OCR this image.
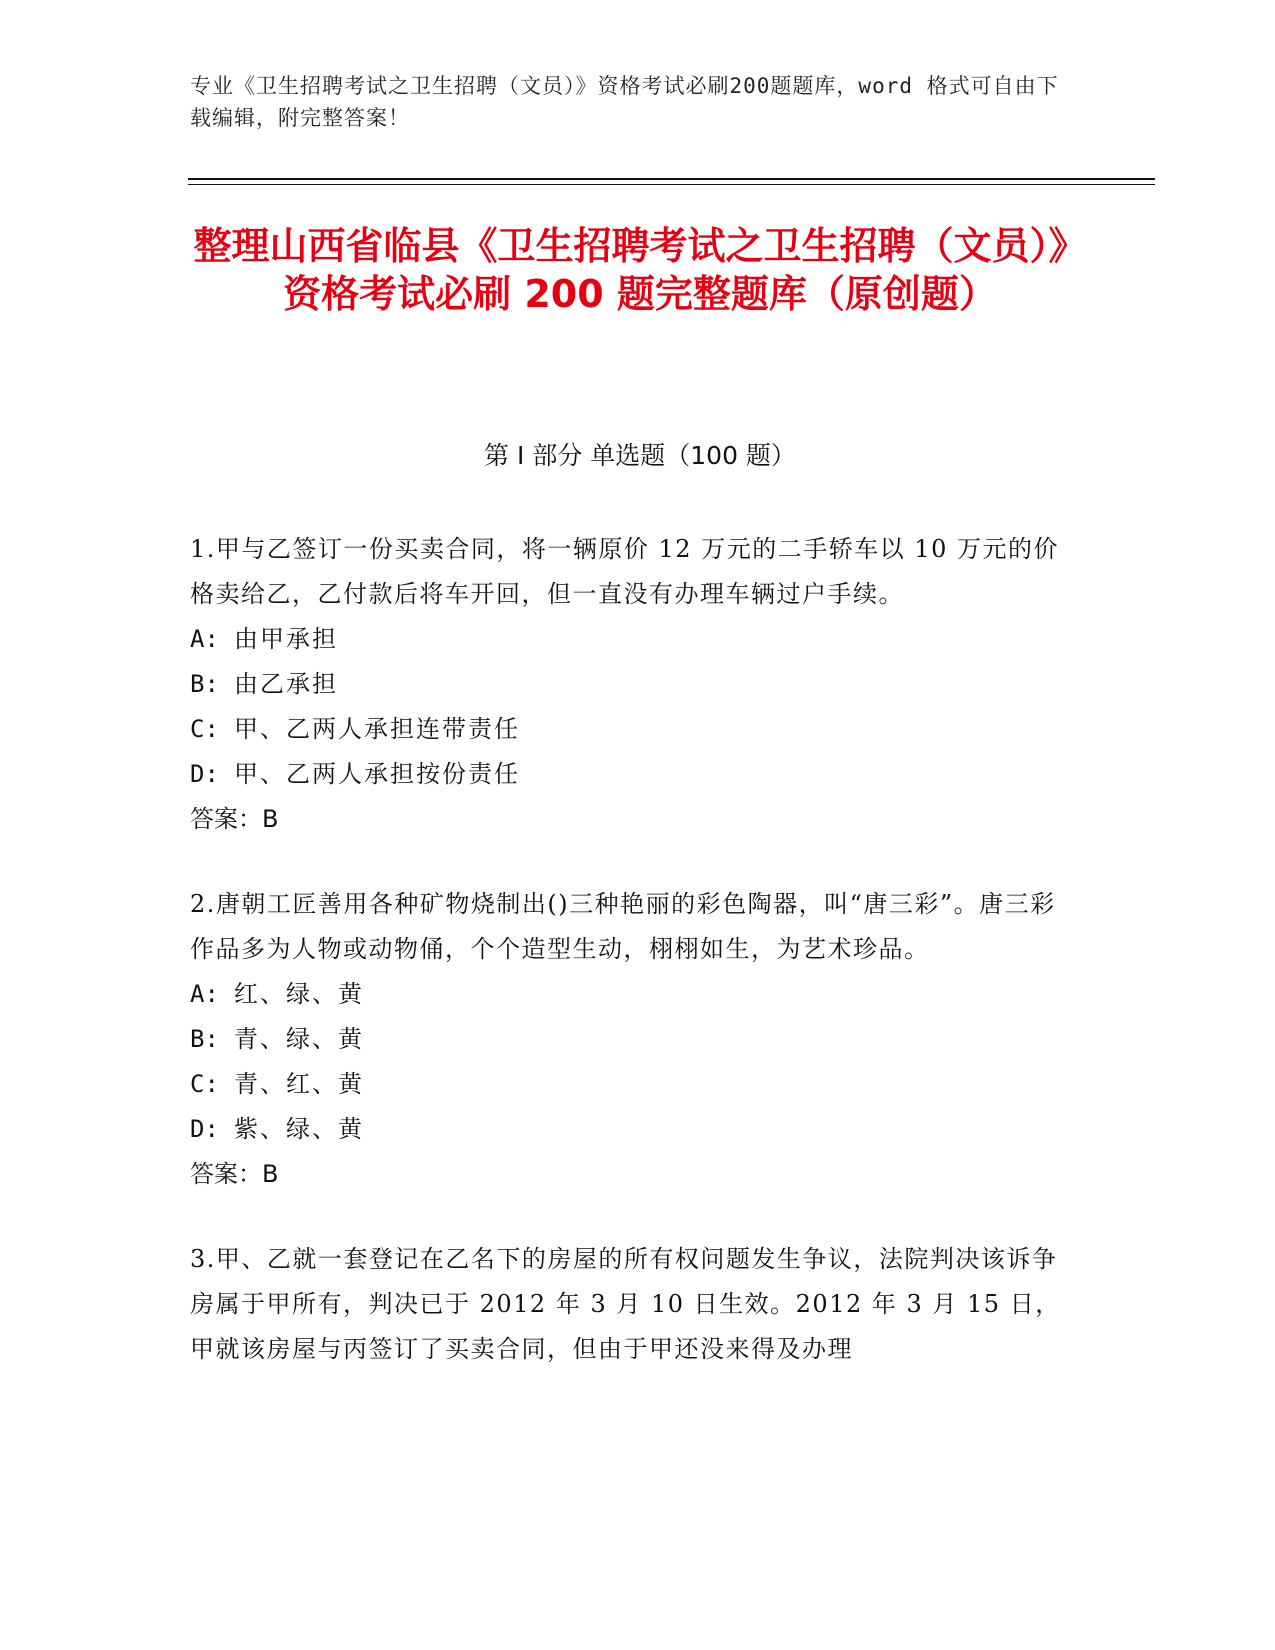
专业《卫生招聘考试之卫生招聘（文员）》资格考试必刷200题题库，word 格式可自由下载编辑，附完整答案！
整理山西省临县《卫生招聘考试之卫生招聘（文员）》资格考试必刷 200 题完整题库（原创题）
第 I 部分 单选题（100 题）
1.甲与乙签订一份买卖合同，将一辆原价 12 万元的二手轿车以 10 万元的价格卖给乙，乙付款后将车开回，但一直没有办理车辆过户手续。
A: 由甲承担
B: 由乙承担
C: 甲、乙两人承担连带责任
D: 甲、乙两人承担按份责任
答案：B
2.唐朝工匠善用各种矿物烧制出()三种艳丽的彩色陶器，叫“唐三彩”。唐三彩作品多为人物或动物俑，个个造型生动，栩栩如生，为艺术珍品。
A: 红、绿、黄
B: 青、绿、黄
C: 青、红、黄
D: 紫、绿、黄
答案：B
3.甲、乙就一套登记在乙名下的房屋的所有权问题发生争议，法院判决该诉争房属于甲所有，判决已于 2012 年 3 月 10 日生效。2012 年 3 月 15 日，甲就该房屋与丙签订了买卖合同，但由于甲还没来得及办理
